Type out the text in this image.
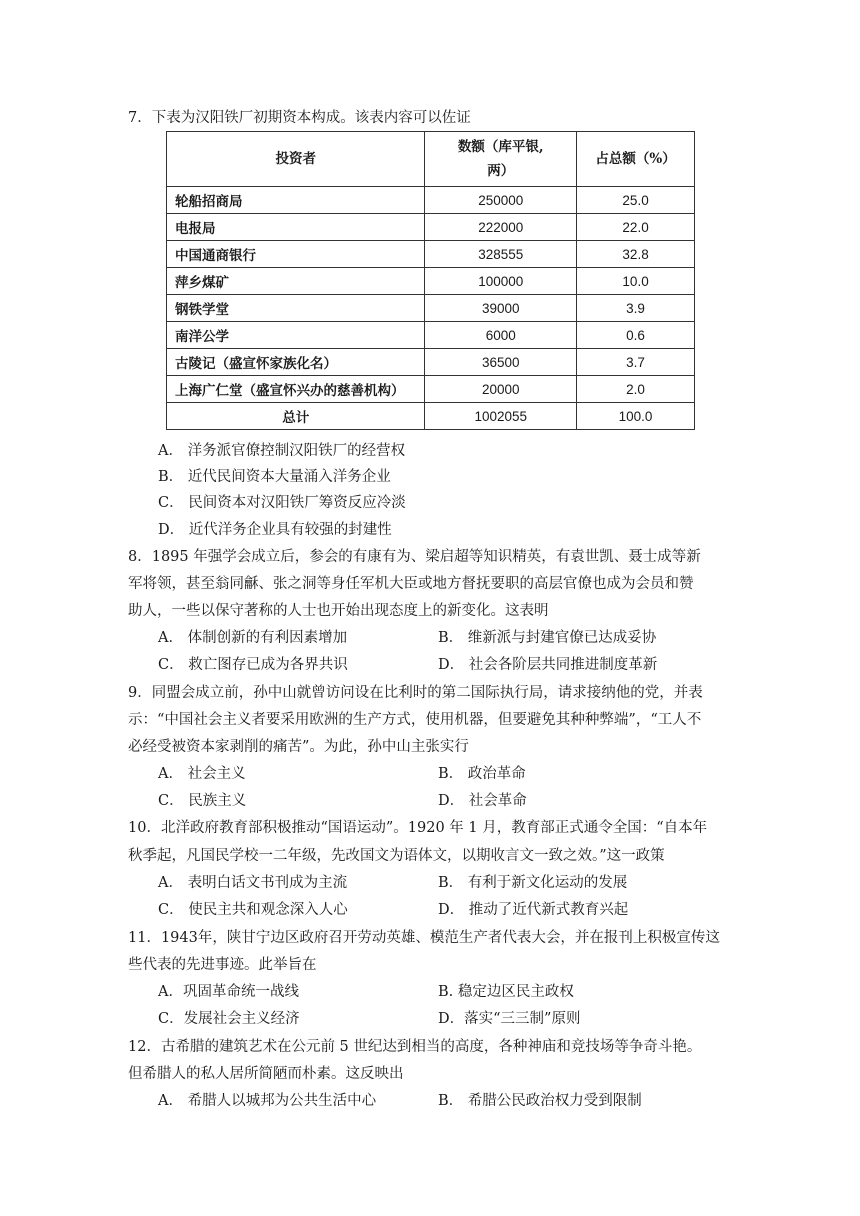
7．下表为汉阳铁厂初期资本构成。该表内容可以佐证
投资者	数额（库平银,
两）	占总额（%）
轮船招商局	250000	25.0
电报局	222000	22.0
中国通商银行	328555	32.8
萍乡煤矿	100000	10.0
钢铁学堂	39000	3.9
南洋公学	6000	0.6
古陵记（盛宣怀家族化名）	36500	3.7
上海广仁堂（盛宣怀兴办的慈善机构）	20000	2.0
总计	1002055	100.0
A． 洋务派官僚控制汉阳铁厂的经营权
B． 近代民间资本大量涌入洋务企业
C． 民间资本对汉阳铁厂筹资反应冷淡
D． 近代洋务企业具有较强的封建性
8．1895 年强学会成立后，参会的有康有为、梁启超等知识精英，有袁世凯、聂士成等新
军将领，甚至翁同龢、张之洞等身任军机大臣或地方督抚要职的高层官僚也成为会员和赞
助人，一些以保守著称的人士也开始出现态度上的新变化。这表明
A． 体制创新的有利因素增加	B． 维新派与封建官僚已达成妥协
C． 救亡图存已成为各界共识	D． 社会各阶层共同推进制度革新
9．同盟会成立前，孙中山就曾访问设在比利时的第二国际执行局，请求接纳他的党，并表
示：“中国社会主义者要采用欧洲的生产方式，使用机器，但要避免其种种弊端”，“工人不
必经受被资本家剥削的痛苦”。为此，孙中山主张实行
A． 社会主义	B． 政治革命
C． 民族主义	D． 社会革命
10．北洋政府教育部积极推动“国语运动”。1920 年 1 月，教育部正式通令全国：“自本年
秋季起，凡国民学校一二年级，先改国文为语体文，以期收言文一致之效。”这一政策
A． 表明白话文书刊成为主流	B． 有利于新文化运动的发展
C． 使民主共和观念深入人心	D． 推动了近代新式教育兴起
11．1943年，陕甘宁边区政府召开劳动英雄、模范生产者代表大会，并在报刊上积极宣传这
些代表的先进事迹。此举旨在
A．巩固革命统一战线	B. 稳定边区民主政权
C．发展社会主义经济	D．落实“三三制”原则
12．古希腊的建筑艺术在公元前 5 世纪达到相当的高度，各种神庙和竞技场等争奇斗艳。
但希腊人的私人居所简陋而朴素。这反映出
A． 希腊人以城邦为公共生活中心	B． 希腊公民政治权力受到限制
